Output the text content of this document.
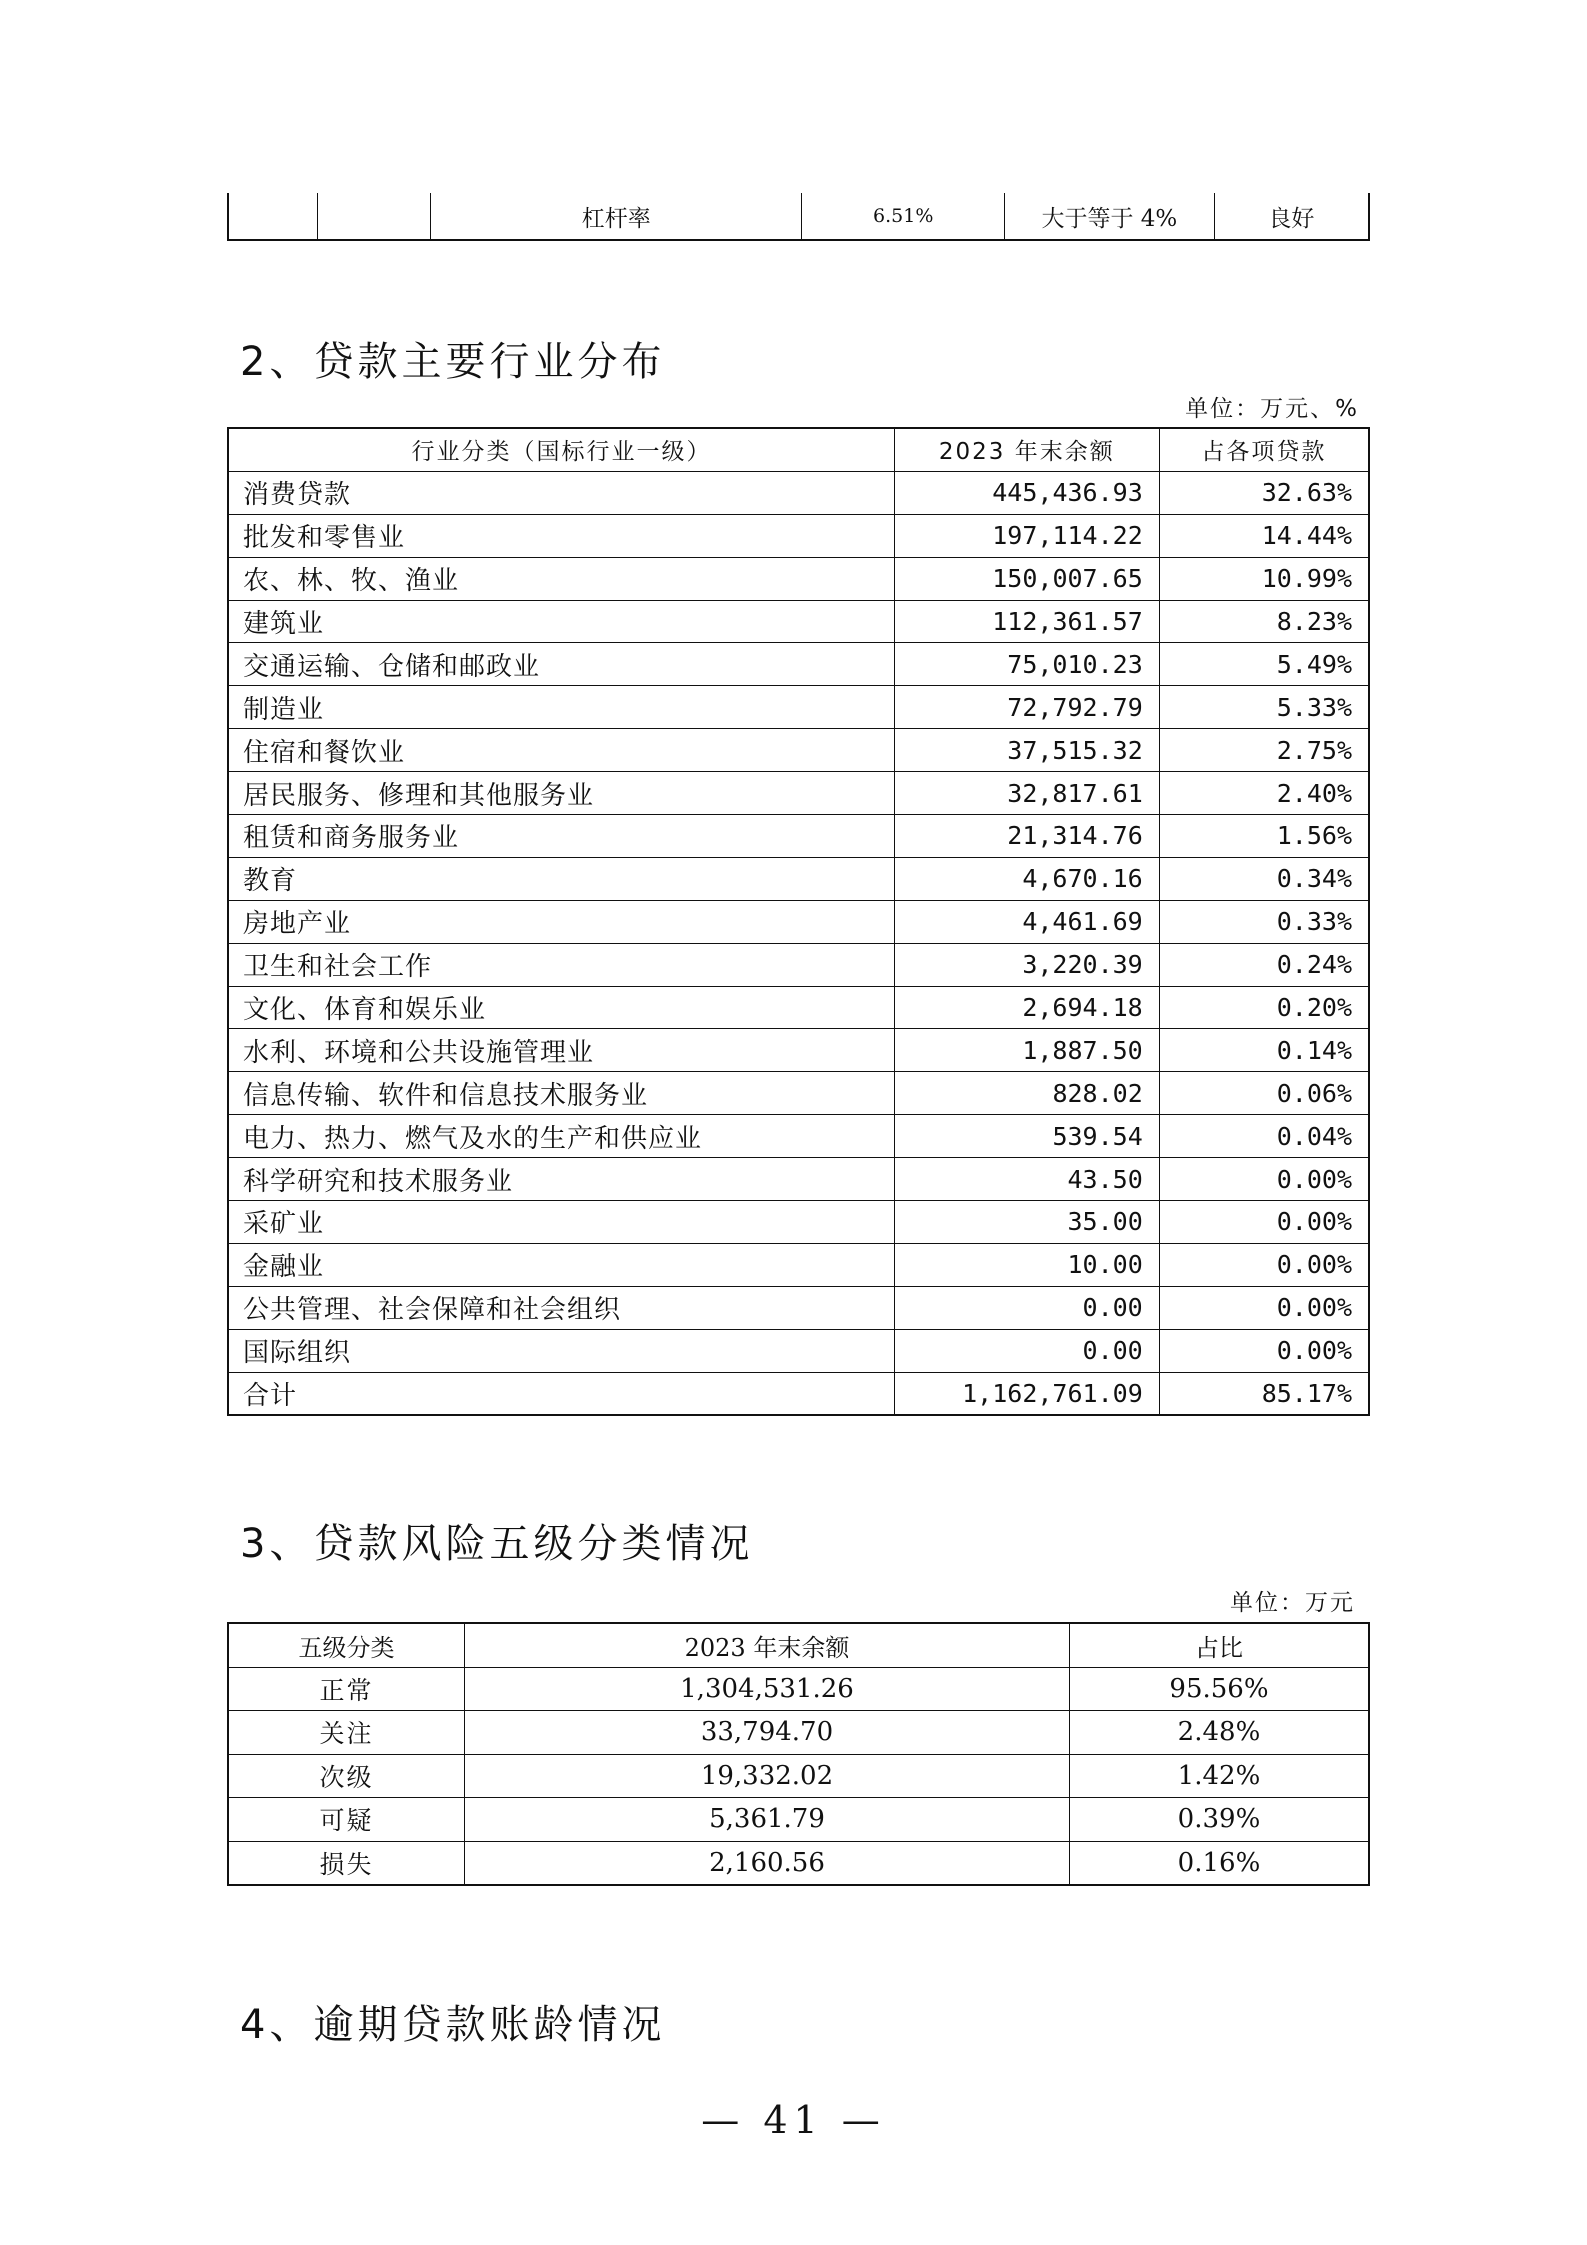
		杠杆率	6.51%	大于等于 4%	良好
2、贷款主要行业分布
单位：万元、%
行业分类（国标行业一级）	2023 年末余额	占各项贷款
消费贷款	445,436.93	32.63%
批发和零售业	197,114.22	14.44%
农、林、牧、渔业	150,007.65	10.99%
建筑业	112,361.57	8.23%
交通运输、仓储和邮政业	75,010.23	5.49%
制造业	72,792.79	5.33%
住宿和餐饮业	37,515.32	2.75%
居民服务、修理和其他服务业	32,817.61	2.40%
租赁和商务服务业	21,314.76	1.56%
教育	4,670.16	0.34%
房地产业	4,461.69	0.33%
卫生和社会工作	3,220.39	0.24%
文化、体育和娱乐业	2,694.18	0.20%
水利、环境和公共设施管理业	1,887.50	0.14%
信息传输、软件和信息技术服务业	828.02	0.06%
电力、热力、燃气及水的生产和供应业	539.54	0.04%
科学研究和技术服务业	43.50	0.00%
采矿业	35.00	0.00%
金融业	10.00	0.00%
公共管理、社会保障和社会组织	0.00	0.00%
国际组织	0.00	0.00%
合计	1,162,761.09	85.17%
3、贷款风险五级分类情况
单位：万元
五级分类	2023 年末余额	占比
正常	1,304,531.26	95.56%
关注	33,794.70	2.48%
次级	19,332.02	1.42%
可疑	5,361.79	0.39%
损失	2,160.56	0.16%
4、逾期贷款账龄情况
— 41 —
